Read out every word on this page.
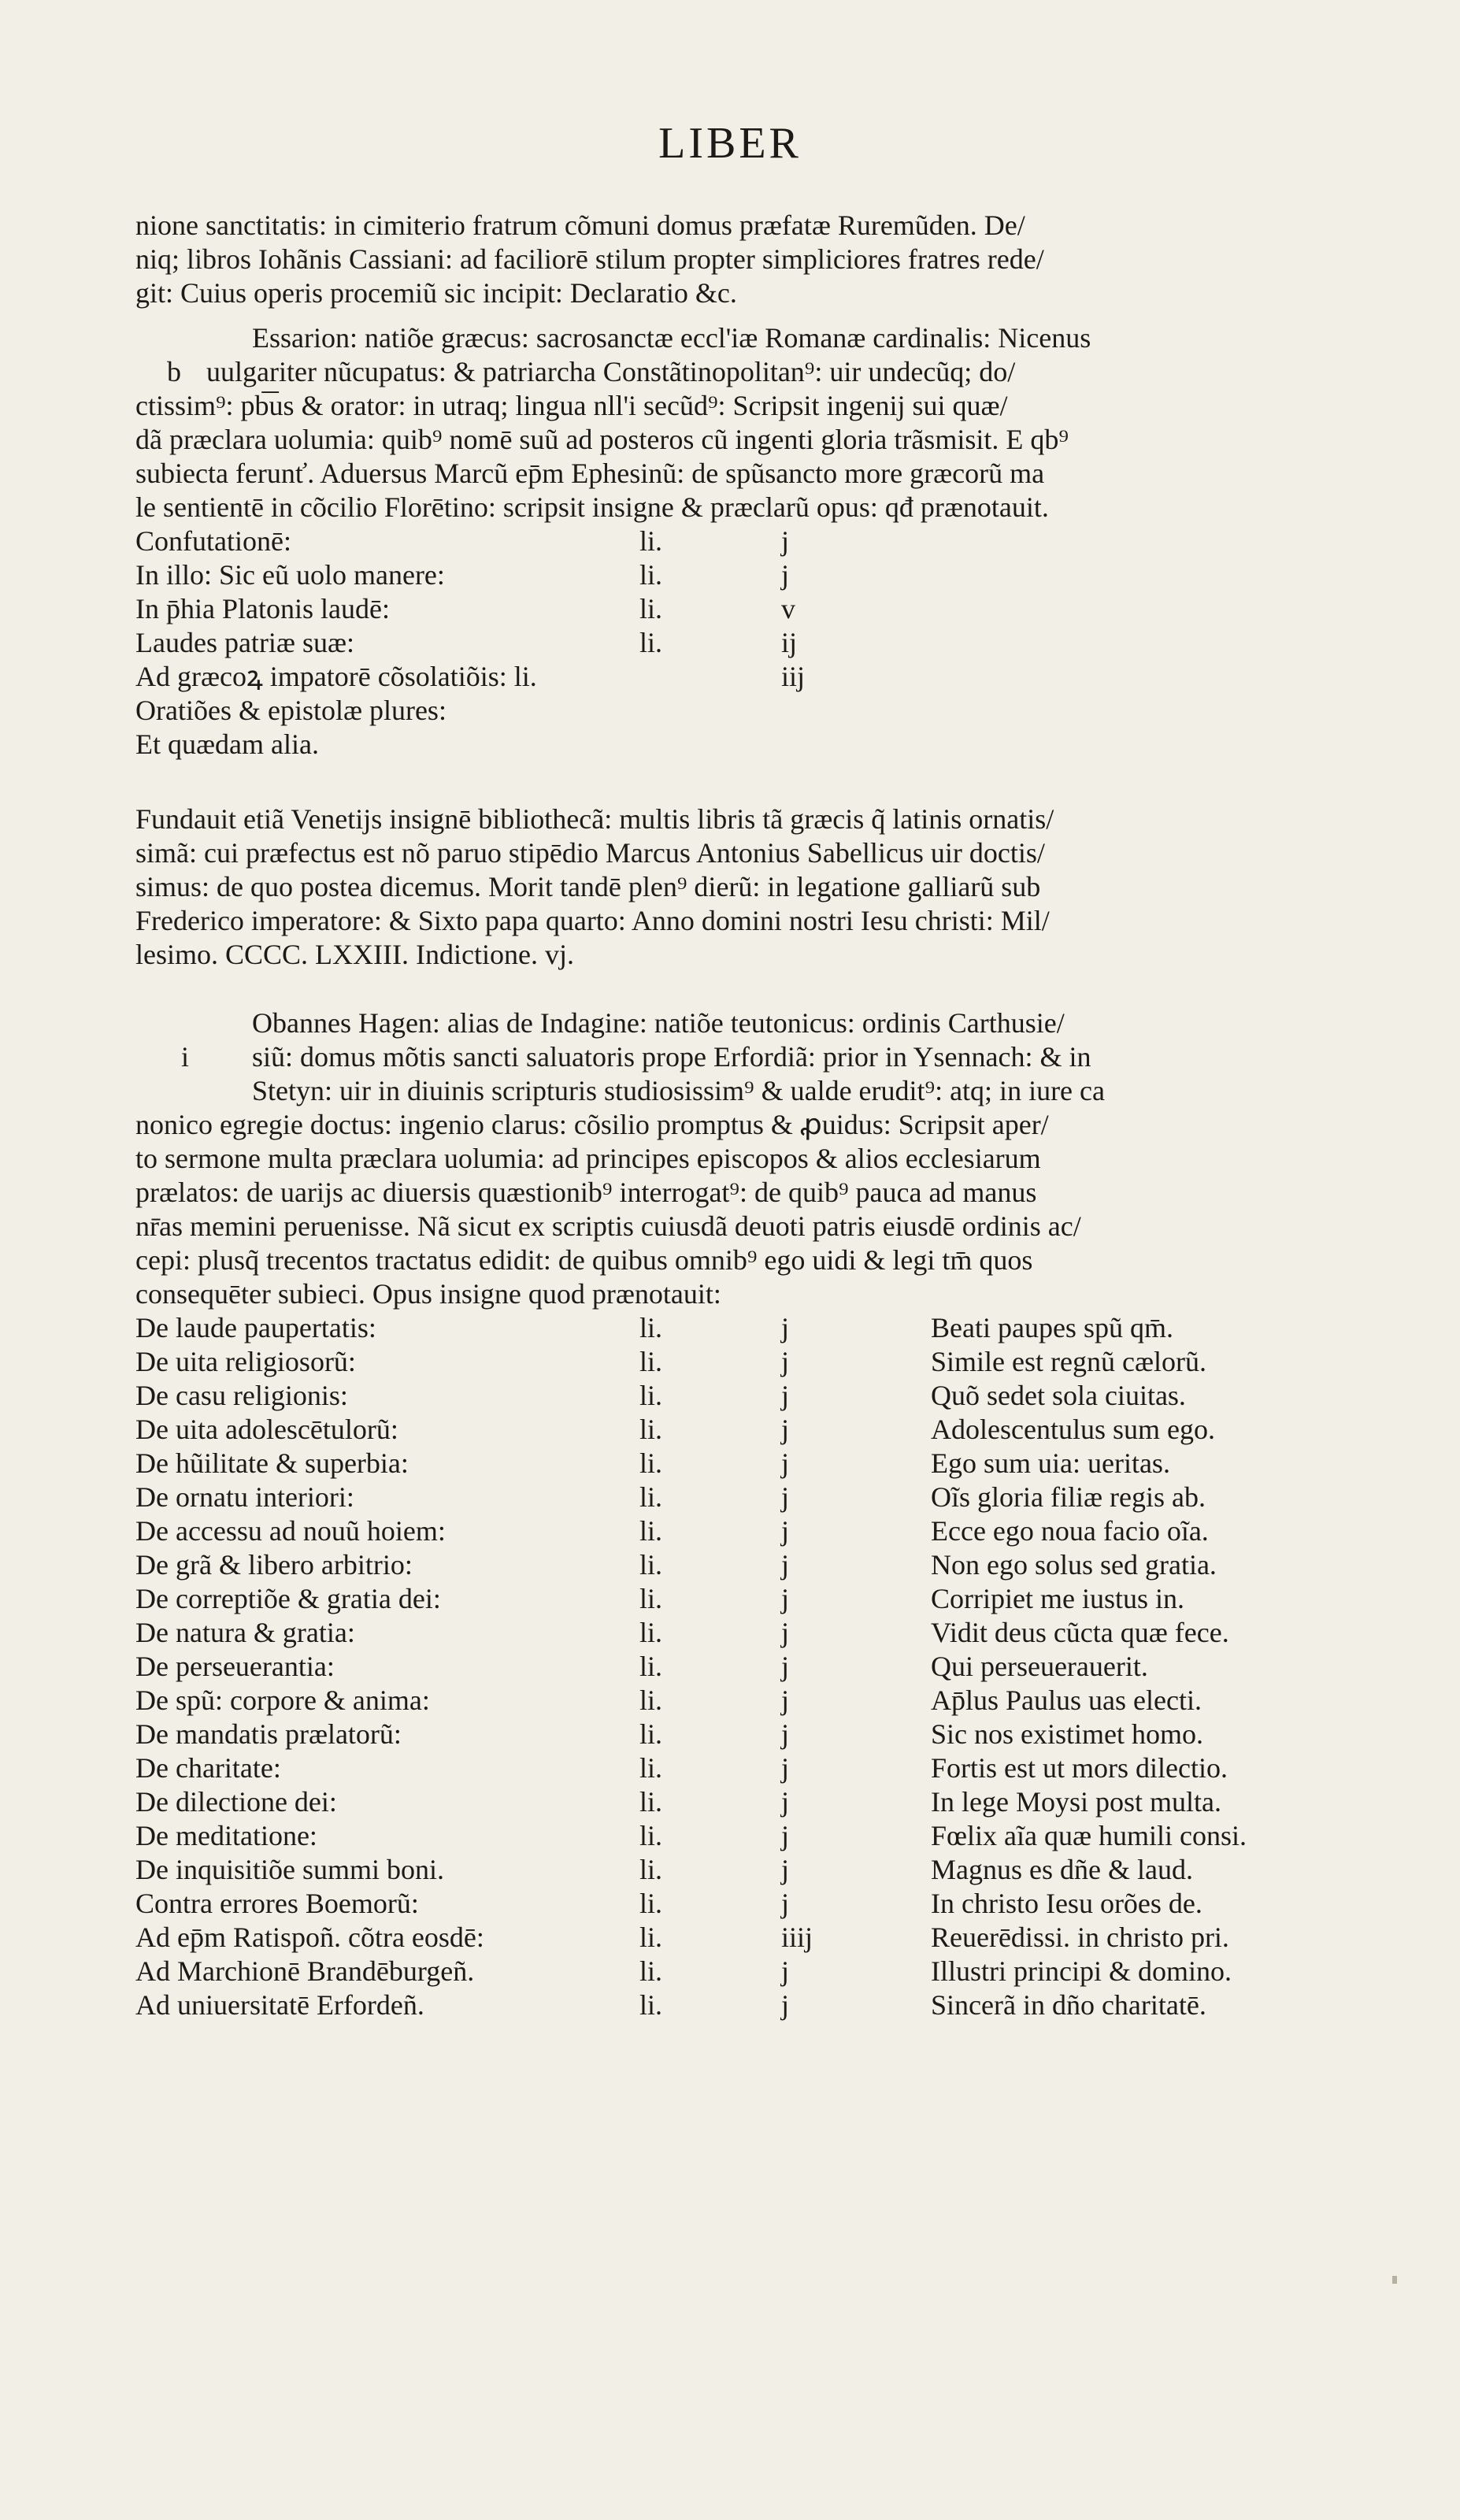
LIBER
nione sanctitatis: in cimiterio fratrum cõmuni domus præfatæ Ruremũden. De/
niq; libros Iohãnis Cassiani: ad faciliorē stilum propter simpliciores fratres rede/
git: Cuius operis procemiũ sic incipit: Declaratio &c.
b
Essarion: natiõe græcus: sacrosanctæ eccl'iæ Romanæ cardinalis: Nicenus
uulgariter nũcupatus: & patriarcha Constãtinopolitan⁹: uir undecũq; do/
ctissim⁹: pb͞us & orator: in utraq; lingua nll'i secũd⁹: Scripsit ingenij sui quæ/
dã præclara uolumia: quib⁹ nomē suũ ad posteros cũ ingenti gloria trãsmisit. E qb⁹
subiecta ferunť. Aduersus Marcũ ep̄m Ephesinũ: de spũsancto more græcorũ ma
le sentientē in cõcilio Florētino: scripsit insigne & præclarũ opus: qđ prænotauit.
Confutationē:	li.	j
In illo: Sic eũ uolo manere:	li.	j
In p̄hia Platonis laudē:	li.	v
Laudes patriæ suæ:	li.	ij
Ad græcoꝝ impatorē cõsolatiõis: li.	iij
Oratiões & epistolæ plures:
Et quædam alia.
Fundauit etiã Venetijs insignē bibliothecã: multis libris tã græcis q̃ latinis ornatis/
simã: cui præfectus est nõ paruo stipēdio Marcus Antonius Sabellicus uir doctis/
simus: de quo postea dicemus. Morit tandē plen⁹ dierũ: in legatione galliarũ sub
Frederico imperatore: & Sixto papa quarto: Anno domini nostri Iesu christi: Mil/
lesimo. CCCC. LXXIII. Indictione. vj.
i
Obannes Hagen: alias de Indagine: natiõe teutonicus: ordinis Carthusie/
siũ: domus mõtis sancti saluatoris prope Erfordiã: prior in Ysennach: & in
Stetyn: uir in diuinis scripturis studiosissim⁹ & ualde erudit⁹: atq; in iure ca
nonico egregie doctus: ingenio clarus: cõsilio promptus & ꝓuidus: Scripsit aper/
to sermone multa præclara uolumia: ad principes episcopos & alios ecclesiarum
prælatos: de uarijs ac diuersis quæstionib⁹ interrogat⁹: de quib⁹ pauca ad manus
nr̄as memini peruenisse. Nã sicut ex scriptis cuiusdã deuoti patris eiusdē ordinis ac/
cepi: plusq̃ trecentos tractatus edidit: de quibus omnib⁹ ego uidi & legi tm̄ quos
consequēter subieci. Opus insigne quod prænotauit:
De laude paupertatis:	li.	j	Beati paupes spũ qm̄.
De uita religiosorũ:	li.	j	Simile est regnũ cælorũ.
De casu religionis:	li.	j	Quõ sedet sola ciuitas.
De uita adolescētulorũ:	li.	j	Adolescentulus sum ego.
De hũilitate & superbia:	li.	j	Ego sum uia: ueritas.
De ornatu interiori:	li.	j	Oĩs gloria filiæ regis ab.
De accessu ad nouũ hoiem:	li.	j	Ecce ego noua facio oĩa.
De grã & libero arbitrio:	li.	j	Non ego solus sed gratia.
De correptiõe & gratia dei:	li.	j	Corripiet me iustus in.
De natura & gratia:	li.	j	Vidit deus cũcta quæ fece.
De perseuerantia:	li.	j	Qui perseuerauerit.
De spũ: corpore & anima:	li.	j	Ap̄lus Paulus uas electi.
De mandatis prælatorũ:	li.	j	Sic nos existimet homo.
De charitate:	li.	j	Fortis est ut mors dilectio.
De dilectione dei:	li.	j	In lege Moysi post multa.
De meditatione:	li.	j	Fœlix aĩa quæ humili consi.
De inquisitiõe summi boni.	li.	j	Magnus es dñe & laud.
Contra errores Boemorũ:	li.	j	In christo Iesu orões de.
Ad ep̄m Ratispoñ. cõtra eosdē:	li.	iiij	Reuerēdissi. in christo pri.
Ad Marchionē Brandēburgeñ.	li.	j	Illustri principi & domino.
Ad uniuersitatē Erfordeñ.	li.	j	Sincerã in dño charitatē.
